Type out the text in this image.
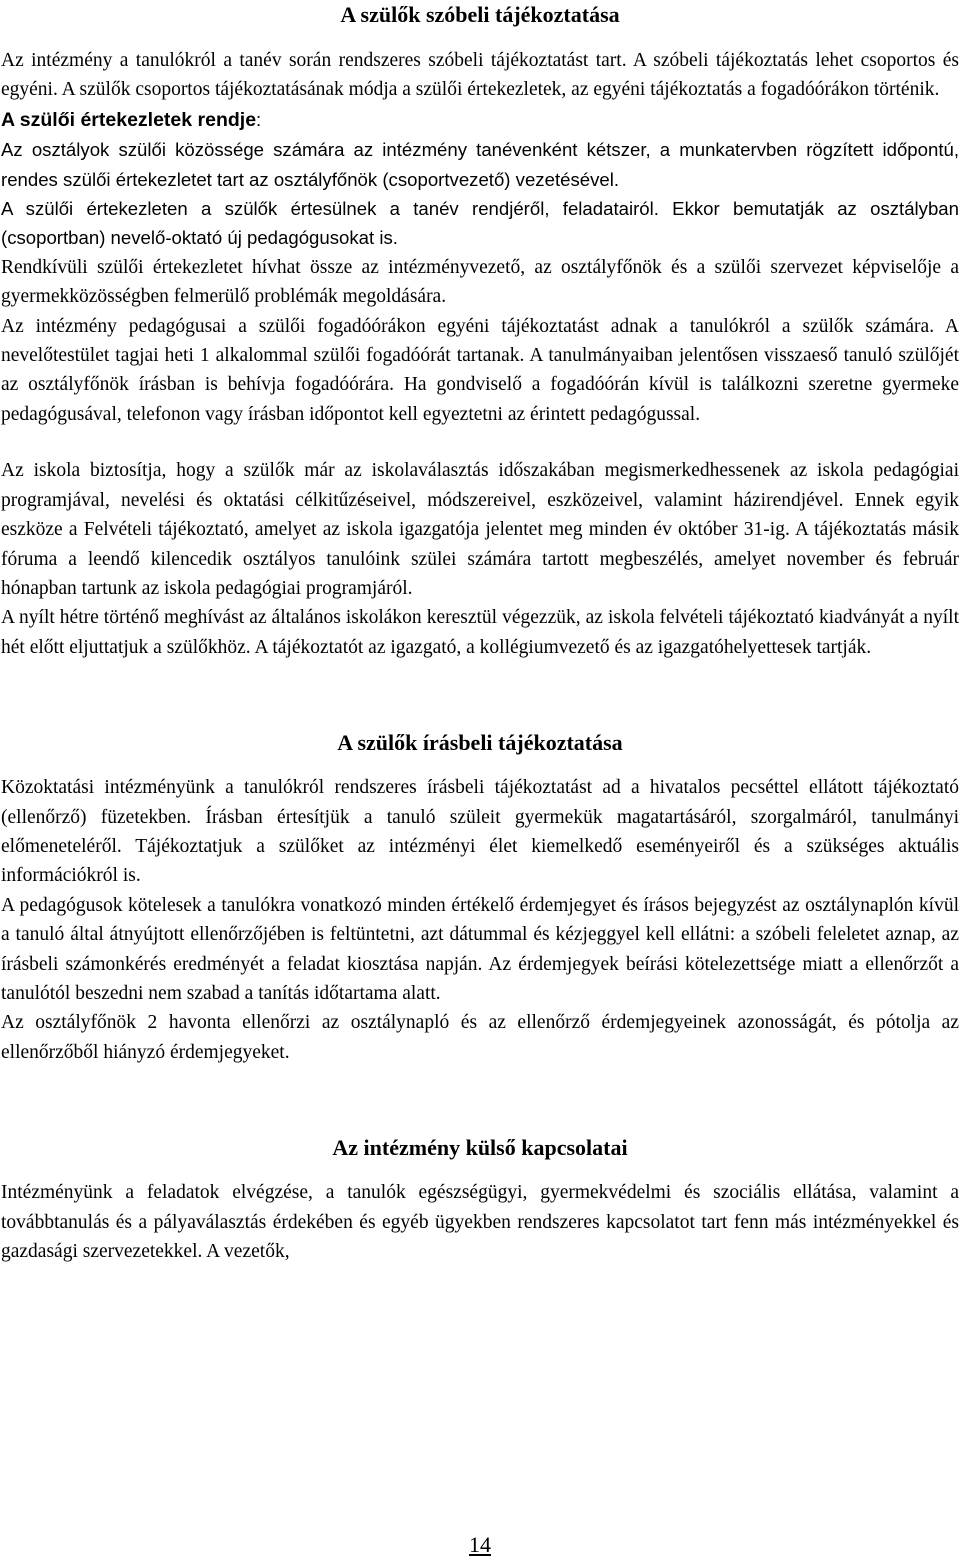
A szülők szóbeli tájékoztatása

Az intézmény a tanulókról a tanév során rendszeres szóbeli tájékoztatást tart. A szóbeli tájékoztatás lehet csoportos és egyéni. A szülők csoportos tájékoztatásának módja a szülői értekezletek, az egyéni tájékoztatás a fogadóórákon történik.

A szülői értekezletek rendje:

Az osztályok szülői közössége számára az intézmény tanévenként kétszer, a munkatervben rögzített időpontú, rendes szülői értekezletet tart az osztályfőnök (csoportvezető) vezetésével.

A szülői értekezleten a szülők értesülnek a tanév rendjéről, feladatairól. Ekkor bemutatják az osztályban (csoportban) nevelő-oktató új pedagógusokat is.

Rendkívüli szülői értekezletet hívhat össze az intézményvezető, az osztályfőnök és a szülői szervezet képviselője a gyermekközösségben felmerülő problémák megoldására.

Az intézmény pedagógusai a szülői fogadóórákon egyéni tájékoztatást adnak a tanulókról a szülők számára. A nevelőtestület tagjai heti 1 alkalommal szülői fogadóórát tartanak. A tanulmányaiban jelentősen visszaeső tanuló szülőjét az osztályfőnök írásban is behívja fogadóórára. Ha gondviselő a fogadóórán kívül is találkozni szeretne gyermeke pedagógusával, telefonon vagy írásban időpontot kell egyeztetni az érintett pedagógussal.

Az iskola biztosítja, hogy a szülők már az iskolaválasztás időszakában megismerkedhessenek az iskola pedagógiai programjával, nevelési és oktatási célkitűzéseivel, módszereivel, eszközeivel, valamint házirendjével. Ennek egyik eszköze a Felvételi tájékoztató, amelyet az iskola igazgatója jelentet meg minden év október 31-ig. A tájékoztatás másik fóruma a leendő kilencedik osztályos tanulóink szülei számára tartott megbeszélés, amelyet november és február hónapban tartunk az iskola pedagógiai programjáról.

A nyílt hétre történő meghívást az általános iskolákon keresztül végezzük, az iskola felvételi tájékoztató kiadványát a nyílt hét előtt eljuttatjuk a szülőkhöz. A tájékoztatót az igazgató, a kollégiumvezető és az igazgatóhelyettesek tartják.

A szülők írásbeli tájékoztatása

Közoktatási intézményünk a tanulókról rendszeres írásbeli tájékoztatást ad a hivatalos pecséttel ellátott tájékoztató (ellenőrző) füzetekben. Írásban értesítjük a tanuló szüleit gyermekük magatartásáról, szorgalmáról, tanulmányi előmeneteléről. Tájékoztatjuk a szülőket az intézményi élet kiemelkedő eseményeiről és a szükséges aktuális információkról is.

A pedagógusok kötelesek a tanulókra vonatkozó minden értékelő érdemjegyet és írásos bejegyzést az osztálynaplón kívül a tanuló által átnyújtott ellenőrzőjében is feltüntetni, azt dátummal és kézjeggyel kell ellátni: a szóbeli feleletet aznap, az írásbeli számonkérés eredményét a feladat kiosztása napján. Az érdemjegyek beírási kötelezettsége miatt a ellenőrzőt a tanulótól beszedni nem szabad a tanítás időtartama alatt.

Az osztályfőnök 2 havonta ellenőrzi az osztálynapló és az ellenőrző érdemjegyeinek azonosságát, és pótolja az ellenőrzőből hiányzó érdemjegyeket.

Az intézmény külső kapcsolatai

Intézményünk a feladatok elvégzése, a tanulók egészségügyi, gyermekvédelmi és szociális ellátása, valamint a továbbtanulás és a pályaválasztás érdekében és egyéb ügyekben rendszeres kapcsolatot tart fenn más intézményekkel és gazdasági szervezetekkel. A vezetők,

14
